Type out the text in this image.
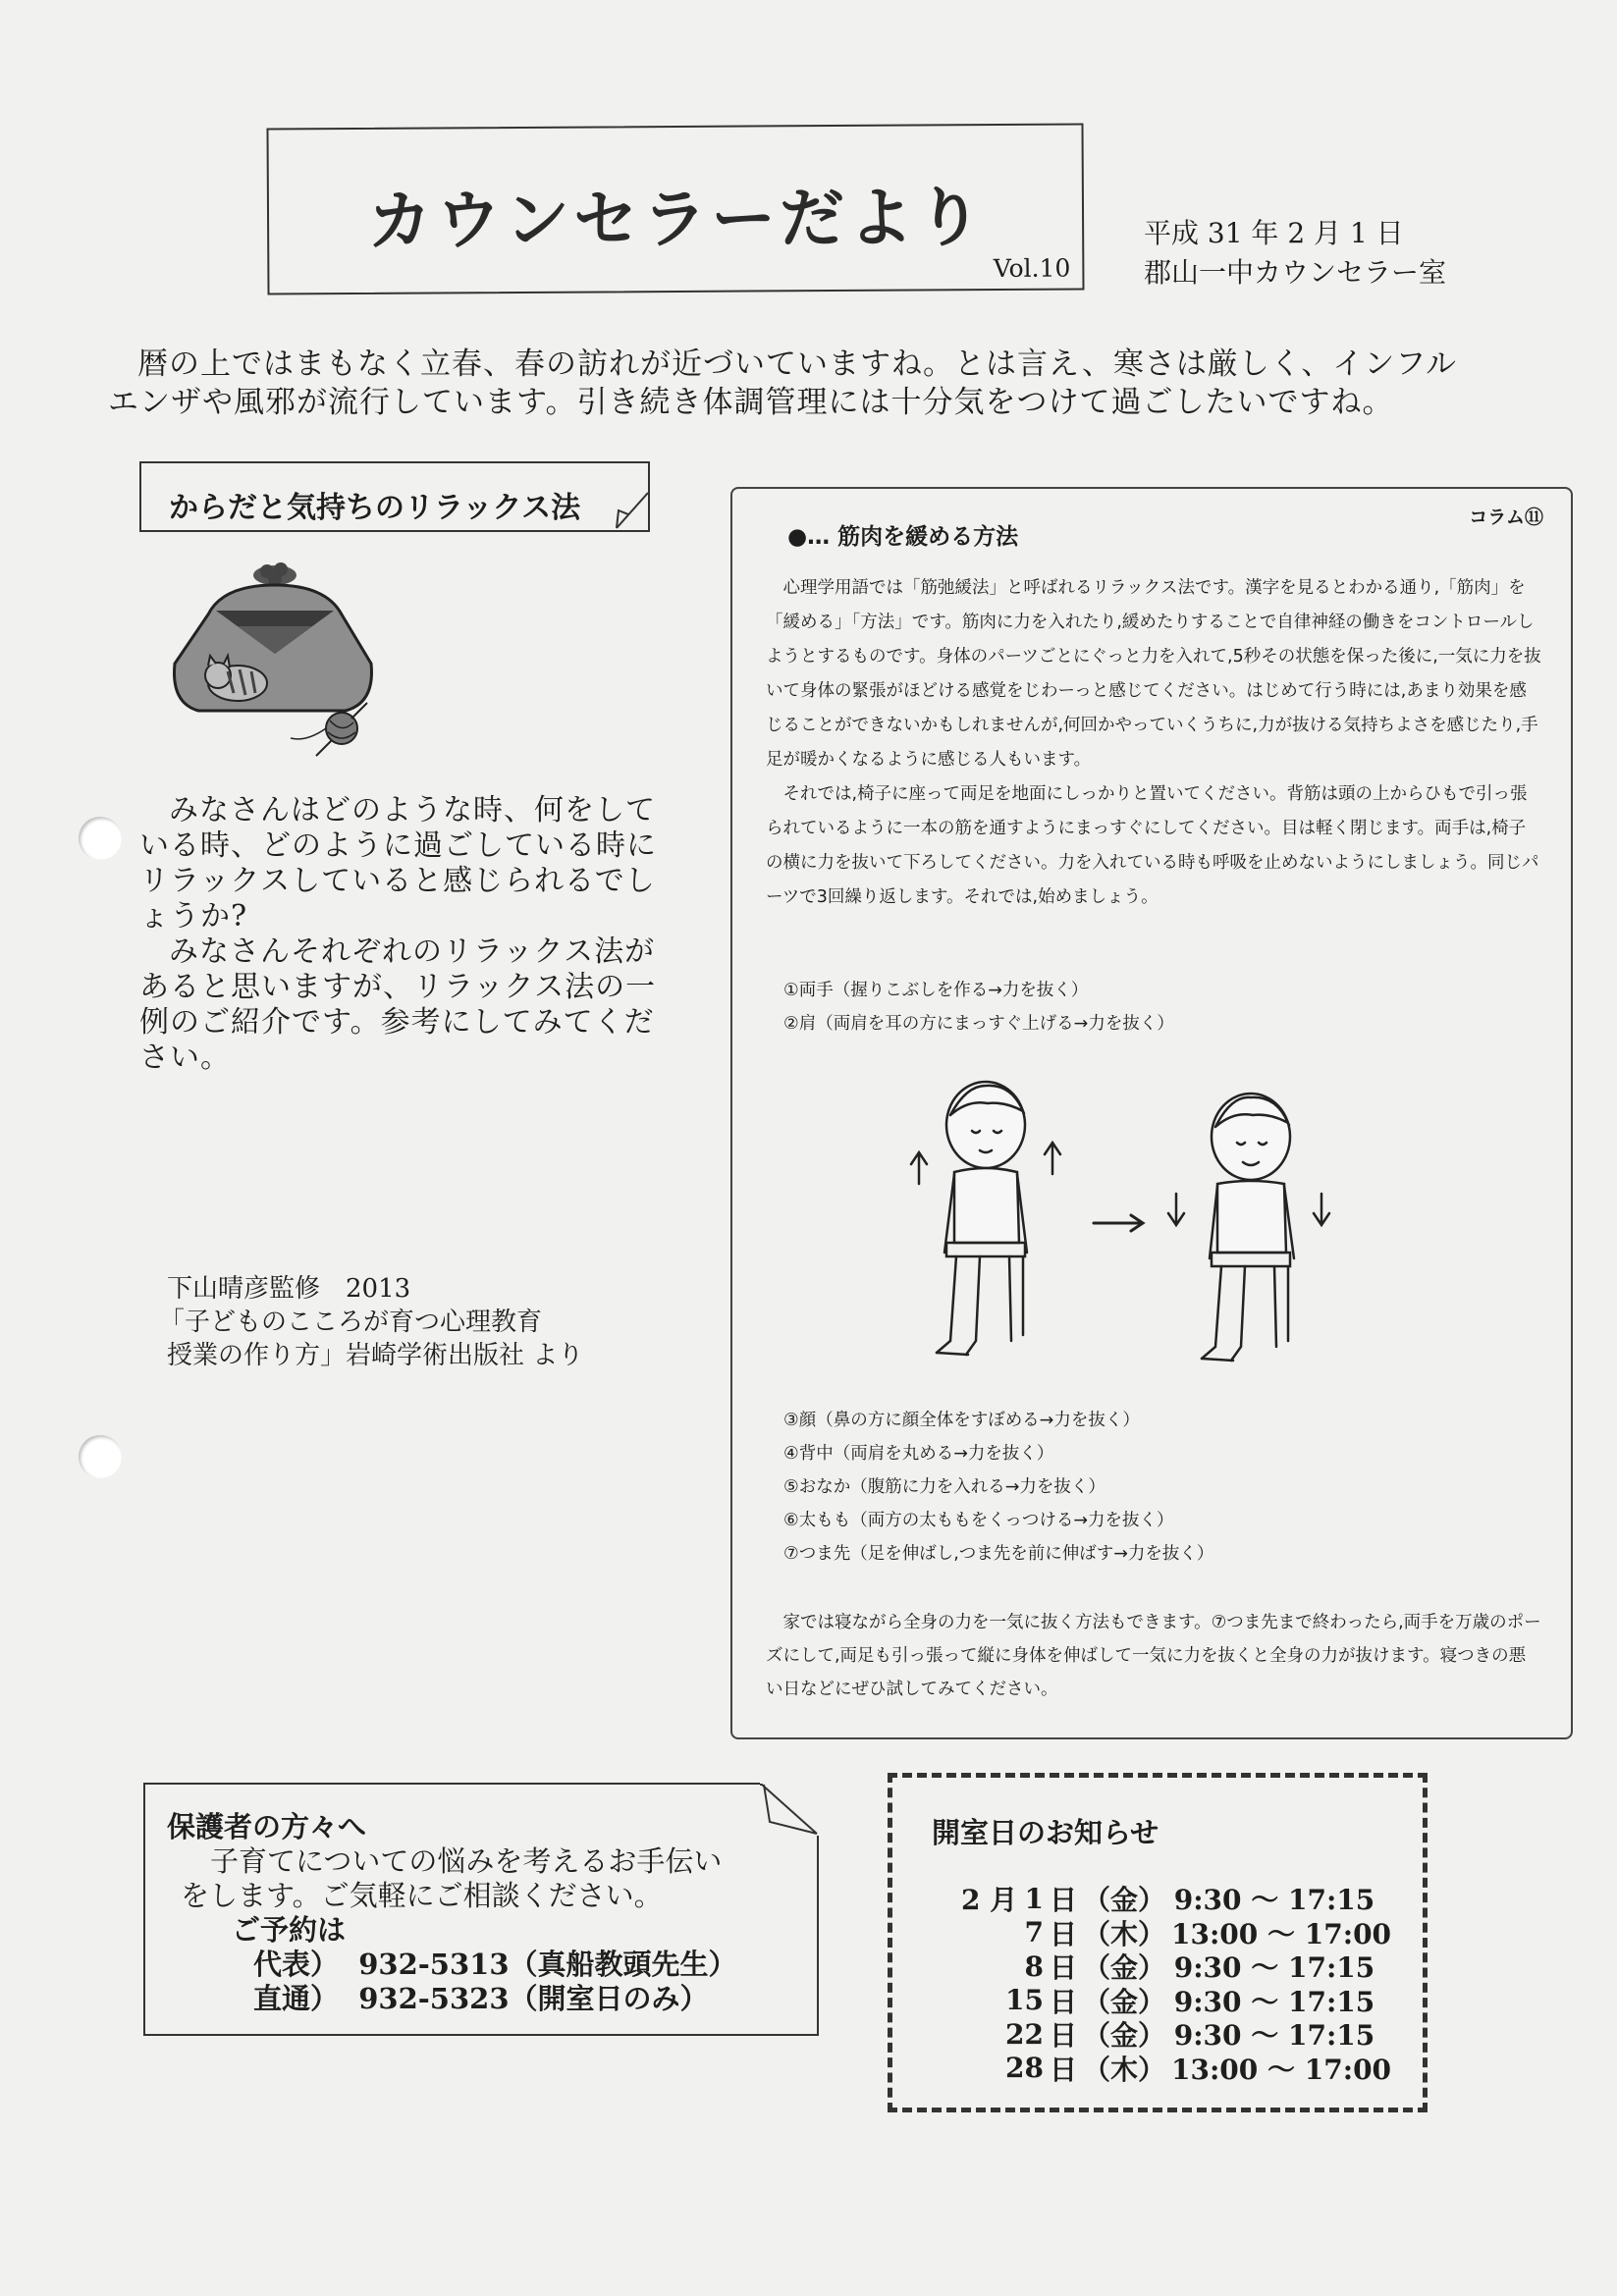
カウンセラーだより
Vol.10
平成 31 年 2 月 1 日
郡山一中カウンセラー室

暦の上ではまもなく立春、春の訪れが近づいていますね。とは言え、寒さは厳しく、インフル

エンザや風邪が流行しています。引き続き体調管理には十分気をつけて過ごしたいですね。

からだと気持ちのリラックス法

みなさんはどのような時、何をしている時、どのように過ごしている時にリラックスしていると感じられるでしょうか?

みなさんそれぞれのリラックス法があると思いますが、リラックス法の一例のご紹介です。参考にしてみてください。

下山晴彦監修　2013
「子どものこころが育つ心理教育
授業の作り方」岩崎学術出版社 より
コラム⑪
●… 筋肉を緩める方法

心理学用語では「筋弛緩法」と呼ばれるリラックス法です。漢字を見るとわかる通り,「筋肉」を「緩める」「方法」です。筋肉に力を入れたり,緩めたりすることで自律神経の働きをコントロールしようとするものです。身体のパーツごとにぐっと力を入れて,5秒その状態を保った後に,一気に力を抜いて身体の緊張がほどける感覚をじわーっと感じてください。はじめて行う時には,あまり効果を感じることができないかもしれませんが,何回かやっていくうちに,力が抜ける気持ちよさを感じたり,手足が暖かくなるように感じる人もいます。

それでは,椅子に座って両足を地面にしっかりと置いてください。背筋は頭の上からひもで引っ張られているように一本の筋を通すようにまっすぐにしてください。目は軽く閉じます。両手は,椅子の横に力を抜いて下ろしてください。力を入れている時も呼吸を止めないようにしましょう。同じパーツで3回繰り返します。それでは,始めましょう。

①両手（握りこぶしを作る→力を抜く）
②肩（両肩を耳の方にまっすぐ上げる→力を抜く）
③顔（鼻の方に顔全体をすぼめる→力を抜く）
④背中（両肩を丸める→力を抜く）
⑤おなか（腹筋に力を入れる→力を抜く）
⑥太もも（両方の太ももをくっつける→力を抜く）
⑦つま先（足を伸ばし,つま先を前に伸ばす→力を抜く）

家では寝ながら全身の力を一気に抜く方法もできます。⑦つま先まで終わったら,両手を万歳のポーズにして,両足も引っ張って縦に身体を伸ばして一気に力を抜くと全身の力が抜けます。寝つきの悪い日などにぜひ試してみてください。

保護者の方々へ
子育てについての悩みを考えるお手伝い
をします。ご気軽にご相談ください。
ご予約は
代表） 932-5313（真船教頭先生）
直通） 932-5323（開室日のみ）
開室日のお知らせ
2 月 1 日 （金） 9:30 ～ 17:15
7 日 （木） 13:00 ～ 17:00
8 日 （金） 9:30 ～ 17:15
15 日 （金） 9:30 ～ 17:15
22 日 （金） 9:30 ～ 17:15
28 日 （木） 13:00 ～ 17:00
